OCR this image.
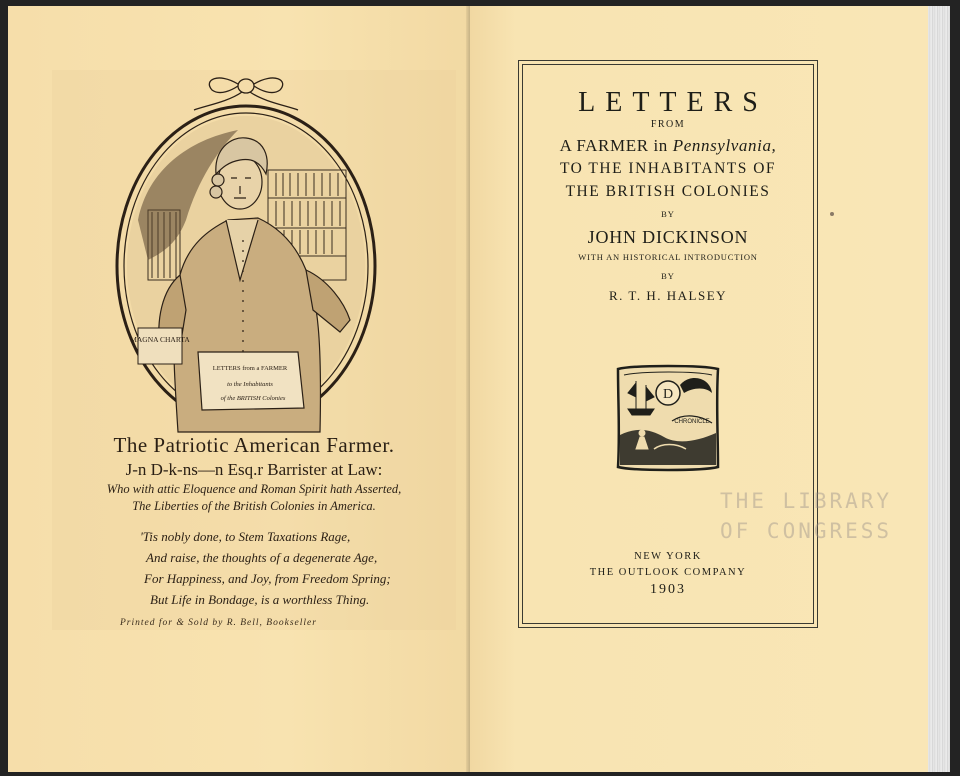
MAGNA CHARTA
LETTERS from a FARMER
to the Inhabitants
of the BRITISH Colonies
The Patriotic American Farmer.
J-n D-k-ns—n Esq.r Barrister at Law:
Who with attic Eloquence and Roman Spirit hath Asserted,
The Liberties of the British Colonies in America.
'Tis nobly done, to Stem Taxations Rage,
And raise, the thoughts of a degenerate Age,
For Happiness, and Joy, from Freedom Spring;
But Life in Bondage, is a worthless Thing.
Printed for & Sold by R. Bell, Bookseller
LETTERS
FROM
A FARMER in Pennsylvania,
TO THE INHABITANTS OF
THE BRITISH COLONIES
BY
JOHN DICKINSON
WITH AN HISTORICAL INTRODUCTION
BY
R. T. H. HALSEY
D
CHRONICLE
NEW YORK
THE OUTLOOK COMPANY
1903
THE LIBRARY
OF CONGRESS
